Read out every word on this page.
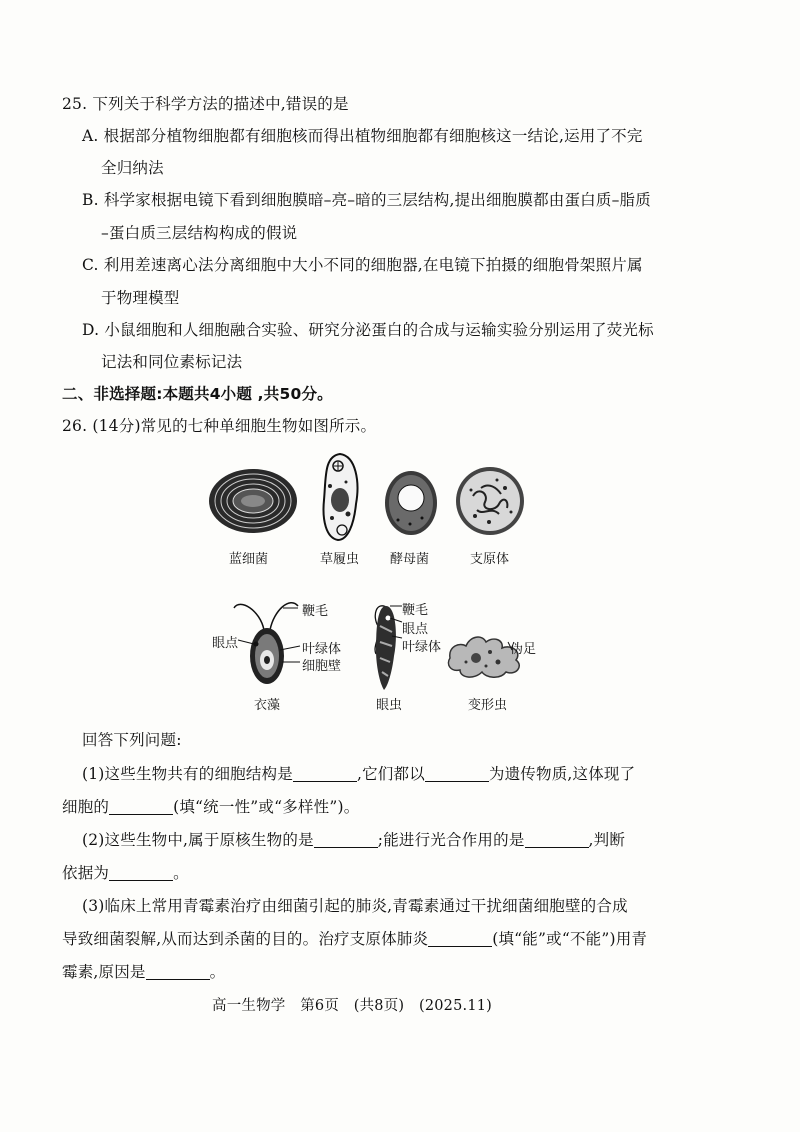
25. 下列关于科学方法的描述中,错误的是
A. 根据部分植物细胞都有细胞核而得出植物细胞都有细胞核这一结论,运用了不完
全归纳法
B. 科学家根据电镜下看到细胞膜暗–亮–暗的三层结构,提出细胞膜都由蛋白质–脂质
–蛋白质三层结构构成的假说
C. 利用差速离心法分离细胞中大小不同的细胞器,在电镜下拍摄的细胞骨架照片属
于物理模型
D. 小鼠细胞和人细胞融合实验、研究分泌蛋白的合成与运输实验分别运用了荧光标
记法和同位素标记法
二、非选择题:本题共4小题 ,共50分。
26. (14分)常见的七种单细胞生物如图所示。
蓝细菌	草履虫 酵母菌	支原体
鞭毛
眼点	叶绿体
细胞壁
衣藻
鞭毛
眼点
叶绿体
眼虫
伪足
变形虫
回答下列问题:
(1)这些生物共有的细胞结构是	,它们都以	为遗传物质,这体现了
细胞的	(填“统一性”或“多样性”)。
(2)这些生物中,属于原核生物的是	;能进行光合作用的是	,判断
依据为	。
(3)临床上常用青霉素治疗由细菌引起的肺炎,青霉素通过干扰细菌细胞壁的合成
导致细菌裂解,从而达到杀菌的目的。治疗支原体肺炎	(填“能”或“不能”)用青
霉素,原因是	。
高一生物学　第6页　(共8页)　(2025.11)
